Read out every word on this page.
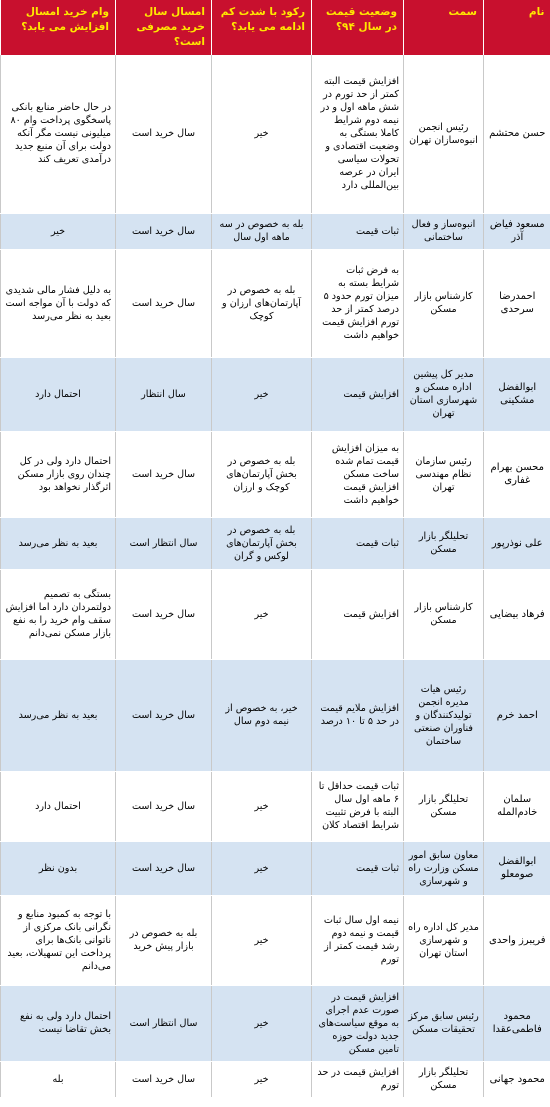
نام	سمت	وضعیت قیمت در سال ۹۴؟	رکود با شدت کم ادامه می یابد؟	امسال سال خرید مصرفی است؟	وام خرید امسال افزایش می یابد؟
حسن محتشم	رئیس انجمن انبوه‌سازان تهران	افزایش قیمت البته کمتر از حد تورم در شش ماهه اول و در نیمه دوم شرایط کاملا بستگی به وضعیت اقتصادی و تحولات سیاسی ایران در عرصه بین‌المللی دارد	خیر	سال خرید است	در حال حاضر منابع بانکی پاسخگوی پرداخت وام ۸۰ میلیونی نیست مگر آنکه دولت برای آن منبع جدید درآمدی تعریف کند
مسعود فیاض آذر	انبوه‌ساز و فعال ساختمانی	ثبات قیمت	بله به خصوص در سه ماهه اول سال	سال خرید است	خیر
احمدرضا سرحدی	کارشناس بازار مسکن	به فرض ثبات شرایط بسته به میزان تورم حدود ۵ درصد کمتر از حد تورم افزایش قیمت خواهیم داشت	بله به خصوص در آپارتمان‌های ارزان و کوچک	سال خرید است	به دلیل فشار مالی شدیدی که دولت با آن مواجه است بعید به نظر می‌رسد
ابوالفضل مشکینی	مدیر کل پیشین اداره مسکن و شهرسازی استان تهران	افزایش قیمت	خیر	سال انتظار	احتمال دارد
محسن بهرام غفاری	رئیس سازمان نظام مهندسی تهران	به میزان افزایش قیمت تمام شده ساخت مسکن افزایش قیمت خواهیم داشت	بله به خصوص در بخش آپارتمان‌های کوچک و ارزان	سال خرید است	احتمال دارد ولی در کل چندان روی بازار مسکن اثرگذار نخواهد بود
علی نوذرپور	تحلیلگر بازار مسکن	ثبات قیمت	بله به خصوص در بخش آپارتمان‌های لوکس و گران	سال انتظار است	بعید به نظر می‌رسد
فرهاد بیضایی	کارشناس بازار مسکن	افزایش قیمت	خیر	سال خرید است	بستگی به تصمیم دولتمردان دارد اما افزایش سقف وام خرید را به نفع بازار مسکن نمی‌دانم
احمد خرم	رئیس هیات مدیره انجمن تولیدکنندگان و فناوران صنعتی ساختمان	افزایش ملایم قیمت در حد ۵ تا ۱۰ درصد	خیر، به خصوص از نیمه دوم سال	سال خرید است	بعید به نظر می‌رسد
سلمان خادم‌المله	تحلیلگر بازار مسکن	ثبات قیمت حداقل تا ۶ ماهه اول سال البته با فرض تثبیت شرایط اقتصاد کلان	خیر	سال خرید است	احتمال دارد
ابوالفضل صومعلو	معاون سابق امور مسکن وزارت راه و شهرسازی	ثبات قیمت	خیر	سال خرید است	بدون نظر
فریبرز واحدی	مدیر کل اداره راه و شهرسازی استان تهران	نیمه اول سال ثبات قیمت و نیمه دوم رشد قیمت کمتر از تورم	خیر	بله به خصوص در بازار پیش خرید	با توجه به کمبود منابع و نگرانی بانک مرکزی از ناتوانی بانک‌ها برای پرداخت این تسهیلات، بعید می‌دانم
محمود فاطمی‌عقدا	رئیس سابق مرکز تحقیقات مسکن	افزایش قیمت در صورت عدم اجرای به موقع سیاست‌های جدید دولت حوزه تامین مسکن	خیر	سال انتظار است	احتمال دارد ولی به نفع بخش تقاضا نیست
محمود جهانی	تحلیلگر بازار مسکن	افزایش قیمت در حد تورم	خیر	سال خرید است	بله
